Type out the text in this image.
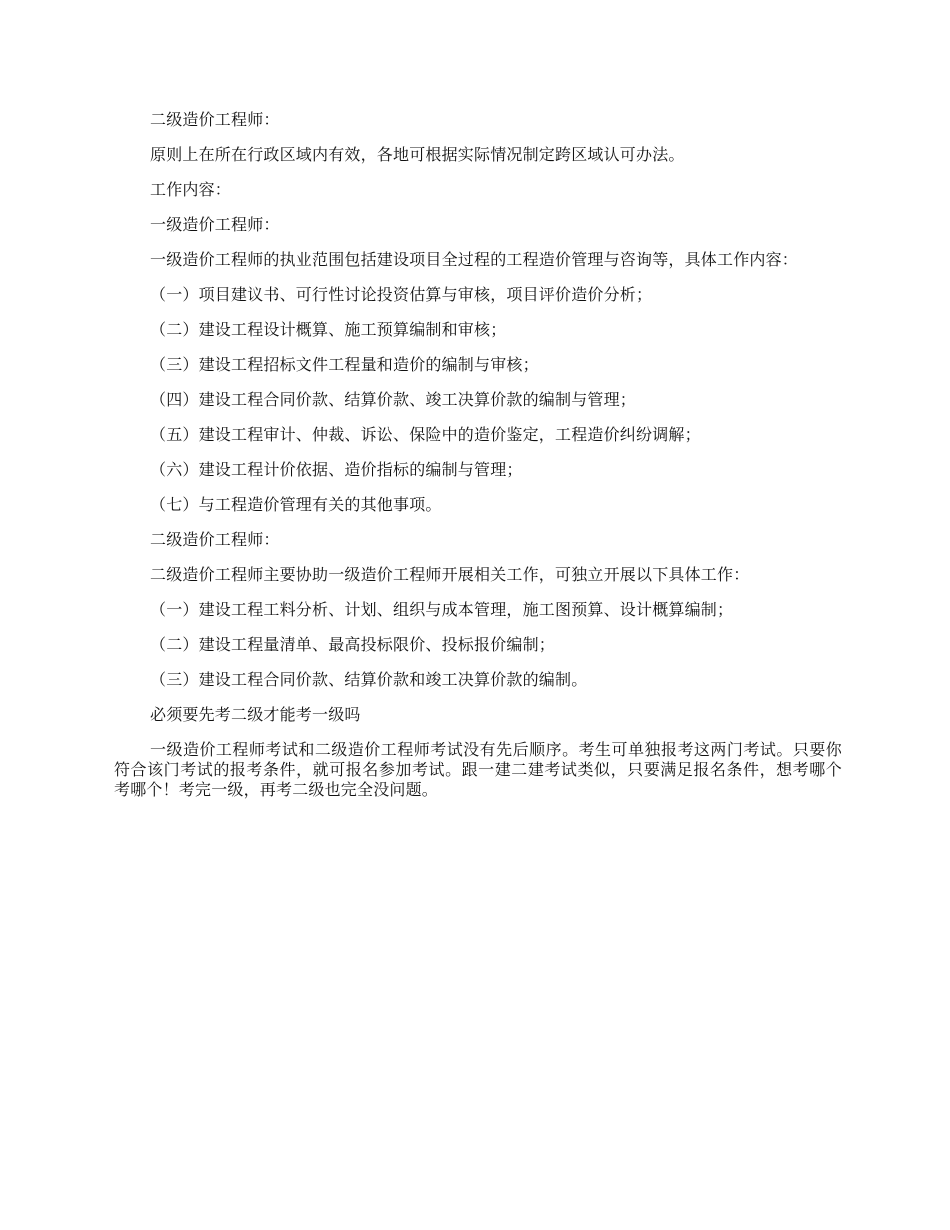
二级造价工程师：

原则上在所在行政区域内有效，各地可根据实际情况制定跨区域认可办法。

工作内容：

一级造价工程师：

一级造价工程师的执业范围包括建设项目全过程的工程造价管理与咨询等，具体工作内容：

（一）项目建议书、可行性讨论投资估算与审核，项目评价造价分析；

（二）建设工程设计概算、施工预算编制和审核；

（三）建设工程招标文件工程量和造价的编制与审核；

（四）建设工程合同价款、结算价款、竣工决算价款的编制与管理；

（五）建设工程审计、仲裁、诉讼、保险中的造价鉴定，工程造价纠纷调解；

（六）建设工程计价依据、造价指标的编制与管理；

（七）与工程造价管理有关的其他事项。

二级造价工程师：

二级造价工程师主要协助一级造价工程师开展相关工作，可独立开展以下具体工作：

（一）建设工程工料分析、计划、组织与成本管理，施工图预算、设计概算编制；

（二）建设工程量清单、最高投标限价、投标报价编制；

（三）建设工程合同价款、结算价款和竣工决算价款的编制。

必须要先考二级才能考一级吗

一级造价工程师考试和二级造价工程师考试没有先后顺序。考生可单独报考这两门考试。只要你符合该门考试的报考条件，就可报名参加考试。跟一建二建考试类似，只要满足报名条件，想考哪个考哪个！考完一级，再考二级也完全没问题。
